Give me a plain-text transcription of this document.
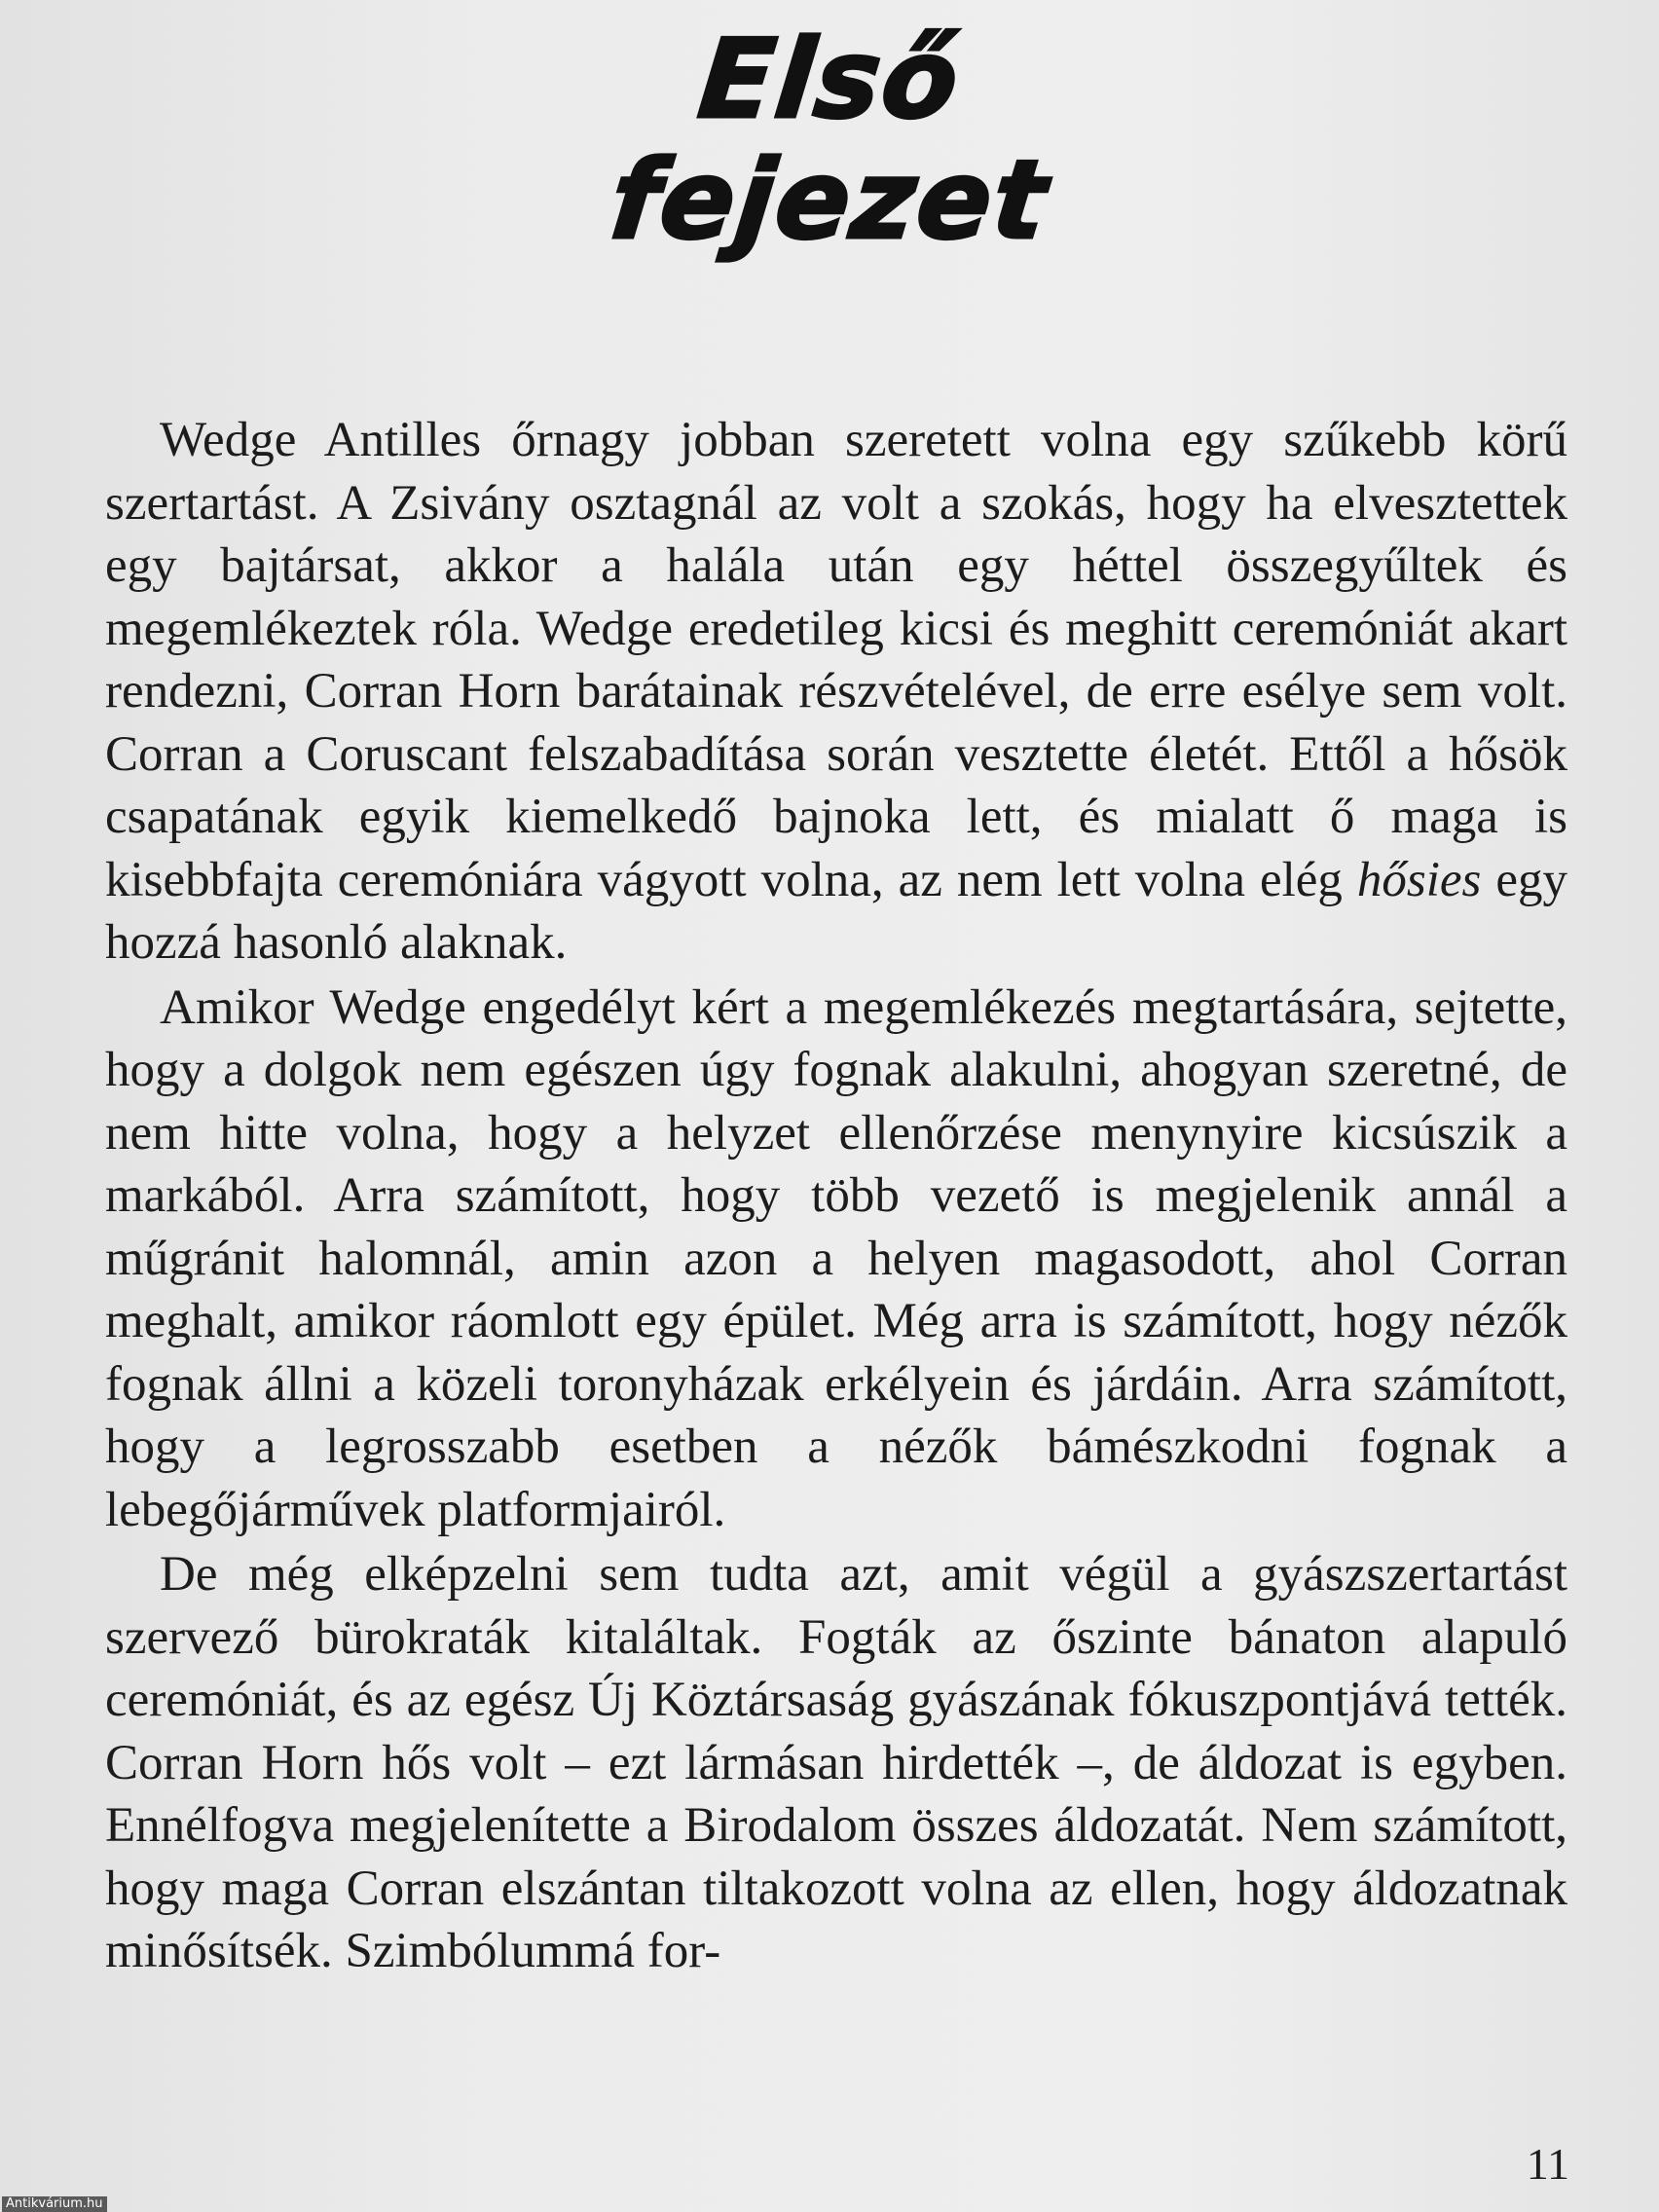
Első
fejezet

Wedge Antilles őrnagy jobban szeretett volna egy szűkebb körű szertartást. A Zsivány osztagnál az volt a szokás, hogy ha elvesztettek egy bajtársat, akkor a halála után egy héttel összegyűltek és megemlékeztek róla. Wedge eredetileg kicsi és meghitt ceremóniát akart rendezni, Corran Horn barátainak részvételével, de erre esélye sem volt. Corran a Coruscant felszabadítása során vesztette életét. Ettől a hősök csapatának egyik kiemelkedő bajnoka lett, és mialatt ő maga is kisebbfajta ceremóniára vágyott volna, az nem lett volna elég hősies egy hozzá hasonló alaknak.

Amikor Wedge engedélyt kért a megemlékezés megtartására, sejtette, hogy a dolgok nem egészen úgy fognak alakulni, ahogyan szeretné, de nem hitte volna, hogy a helyzet ellenőrzése menynyire kicsúszik a markából. Arra számított, hogy több vezető is megjelenik annál a műgránit halomnál, amin azon a helyen magasodott, ahol Corran meghalt, amikor ráomlott egy épület. Még arra is számított, hogy nézők fognak állni a közeli toronyházak erkélyein és járdáin. Arra számított, hogy a legrosszabb esetben a nézők bámészkodni fognak a lebegőjárművek platformjairól.

De még elképzelni sem tudta azt, amit végül a gyászszertartást szervező bürokraták kitaláltak. Fogták az őszinte bánaton alapuló ceremóniát, és az egész Új Köztársaság gyászának fókuszpontjává tették. Corran Horn hős volt – ezt lármásan hirdették –, de áldozat is egyben. Ennélfogva megjelenítette a Birodalom összes áldozatát. Nem számított, hogy maga Corran elszántan tiltakozott volna az ellen, hogy áldozatnak minősítsék. Szimbólummá for-

11
Antikvárium.hu
